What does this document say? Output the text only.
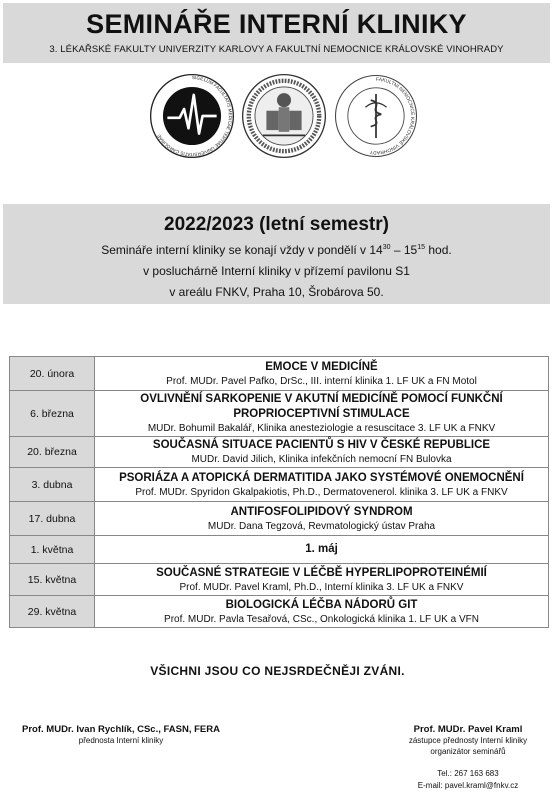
SEMINÁŘE INTERNÍ KLINIKY
3. LÉKAŘSKÉ FAKULTY UNIVERZITY KARLOVY A FAKULTNÍ NEMOCNICE KRÁLOVSKÉ VINOHRADY
SIGILLUM FACULTATIS MEDICAE TERTIAE UNIVERSITATIS CAROLINAE
FAKULTNÍ NEMOCNICE KRÁLOVSKÉ VINOHRADY
2022/2023 (letní semestr)
Semináře interní kliniky se konají vždy v pondělí v $14^{30} - 15^{15}$ hod.
v posluchárně Interní kliniky v přízemí pavilonu S1
v areálu FNKV, Praha 10, Šrobárova 50.
20. února	EMOCE V MEDICÍNĚ
Prof. MUDr. Pavel Pafko, DrSc., III. interní klinika 1. LF UK a FN Motol

6. března	OVLIVNĚNÍ SARKOPENIE V AKUTNÍ MEDICÍNĚ POMOCÍ FUNKČNÍ PROPRIOCEPTIVNÍ STIMULACE
MUDr. Bohumil Bakalář, Klinika anesteziologie a resuscitace 3. LF UK a FNKV

20. března	SOUČASNÁ SITUACE PACIENTŮ S HIV V ČESKÉ REPUBLICE
MUDr. David Jilich, Klinika infekčních nemocní FN Bulovka

3. dubna	PSORIÁZA A ATOPICKÁ DERMATITIDA JAKO SYSTÉMOVÉ ONEMOCNĚNÍ
Prof. MUDr. Spyridon Gkalpakiotis, Ph.D., Dermatovenerol. klinika 3. LF UK a FNKV

17. dubna	ANTIFOSFOLIPIDOVÝ SYNDROM
MUDr. Dana Tegzová, Revmatologický ústav Praha

1. května	1. máj

15. května	SOUČASNÉ STRATEGIE V LÉČBĚ HYPERLIPOPROTEINÉMIÍ
Prof. MUDr. Pavel Kraml, Ph.D., Interní klinika 3. LF UK a FNKV

29. května	BIOLOGICKÁ LÉČBA NÁDORŮ GIT
Prof. MUDr. Pavla Tesařová, CSc., Onkologická klinika 1. LF UK a VFN
VŠICHNI JSOU CO NEJSRDEČNĚJI ZVÁNI.
Prof. MUDr. Ivan Rychlík, CSc., FASN, FERA
přednosta Interní kliniky
Prof. MUDr. Pavel Kraml
zástupce přednosty Interní kliniky
organizátor seminářů
Tel.: 267 163 683
E-mail: pavel.kraml@fnkv.cz
